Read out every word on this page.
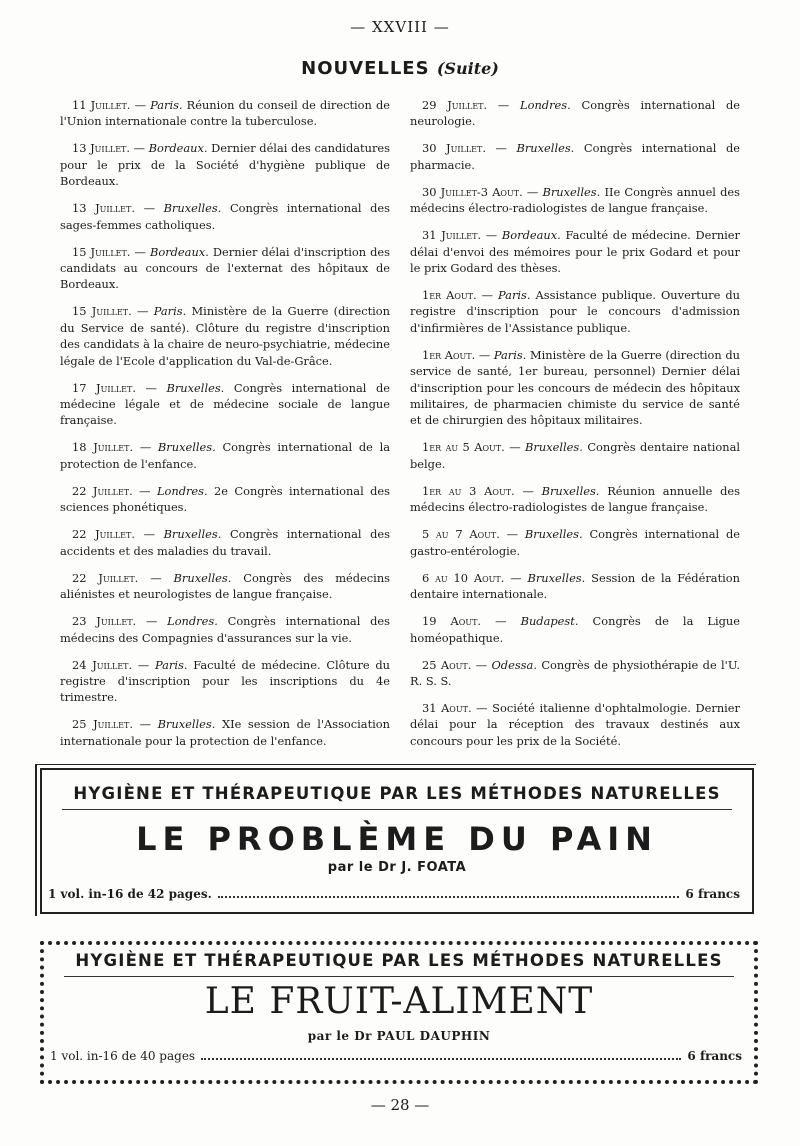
— XXVIII —
NOUVELLES (Suite)

11 Juillet. — Paris. Réunion du conseil de direction de l'Union internationale contre la tuberculose.

13 Juillet. — Bordeaux. Dernier délai des candidatures pour le prix de la Société d'hygiène publique de Bordeaux.

13 Juillet. — Bruxelles. Congrès international des sages-femmes catholiques.

15 Juillet. — Bordeaux. Dernier délai d'inscription des candidats au concours de l'externat des hôpitaux de Bordeaux.

15 Juillet. — Paris. Ministère de la Guerre (direction du Service de santé). Clôture du registre d'inscription des candidats à la chaire de neuro-psychiatrie, médecine légale de l'Ecole d'application du Val-de-Grâce.

17 Juillet. — Bruxelles. Congrès international de médecine légale et de médecine sociale de langue française.

18 Juillet. — Bruxelles. Congrès international de la protection de l'enfance.

22 Juillet. — Londres. 2e Congrès international des sciences phonétiques.

22 Juillet. — Bruxelles. Congrès international des accidents et des maladies du travail.

22 Juillet. — Bruxelles. Congrès des médecins aliénistes et neurologistes de langue française.

23 Juillet. — Londres. Congrès international des médecins des Compagnies d'assurances sur la vie.

24 Juillet. — Paris. Faculté de médecine. Clôture du registre d'inscription pour les inscriptions du 4e trimestre.

25 Juillet. — Bruxelles. XIe session de l'Association internationale pour la protection de l'enfance.

29 Juillet. — Londres. Congrès international de neurologie.

30 Juillet. — Bruxelles. Congrès international de pharmacie.

30 Juillet-3 Aout. — Bruxelles. IIe Congrès annuel des médecins électro-radiologistes de langue française.

31 Juillet. — Bordeaux. Faculté de médecine. Dernier délai d'envoi des mémoires pour le prix Godard et pour le prix Godard des thèses.

1er Aout. — Paris. Assistance publique. Ouverture du registre d'inscription pour le concours d'admission d'infirmières de l'Assistance publique.

1er Aout. — Paris. Ministère de la Guerre (direction du service de santé, 1er bureau, personnel) Dernier délai d'inscription pour les concours de médecin des hôpitaux militaires, de pharmacien chimiste du service de santé et de chirurgien des hôpitaux militaires.

1er au 5 Aout. — Bruxelles. Congrès dentaire national belge.

1er au 3 Aout. — Bruxelles. Réunion annuelle des médecins électro-radiologistes de langue française.

5 au 7 Aout. — Bruxelles. Congrès international de gastro-entérologie.

6 au 10 Aout. — Bruxelles. Session de la Fédération dentaire internationale.

19 Aout. — Budapest. Congrès de la Ligue homéopathique.

25 Aout. — Odessa. Congrès de physiothérapie de l'U. R. S. S.

31 Aout. — Société italienne d'ophtalmologie. Dernier délai pour la réception des travaux destinés aux concours pour les prix de la Société.

HYGIÈNE ET THÉRAPEUTIQUE PAR LES MÉTHODES NATURELLES
LE PROBLÈME DU PAIN
par le Dr J. FOATA
1 vol. in-16 de 42 pages.	6 francs
HYGIÈNE ET THÉRAPEUTIQUE PAR LES MÉTHODES NATURELLES
LE FRUIT-ALIMENT
par le Dr PAUL DAUPHIN
1 vol. in-16 de 40 pages	6 francs
— 28 —
